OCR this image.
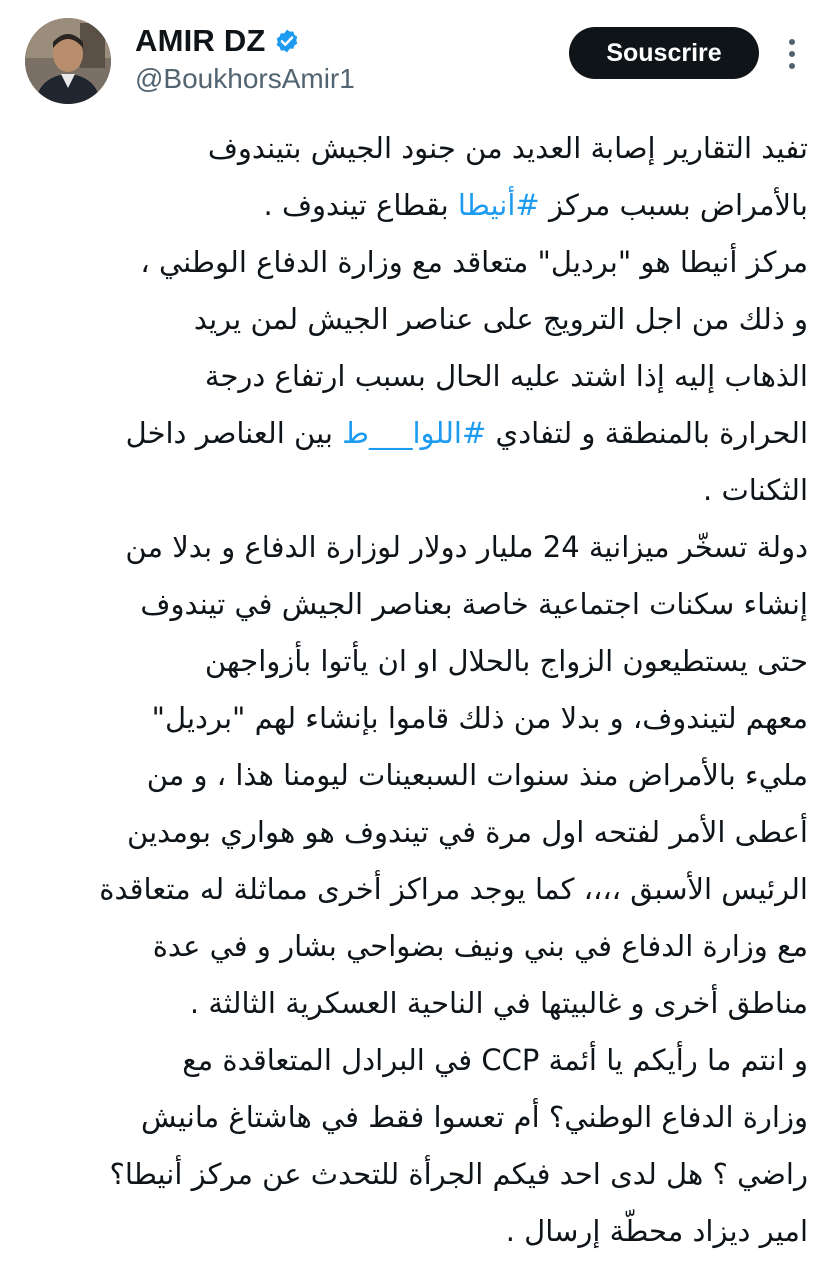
AMIR DZ
@BoukhorsAmir1
Souscrire
تفيد التقارير إصابة العديد من جنود الجيش بتيندوف
بالأمراض بسبب مركز #أنيطا بقطاع تيندوف .
مركز أنيطا هو "برديل" متعاقد مع وزارة الدفاع الوطني ،
و ذلك من اجل الترويج على عناصر الجيش لمن يريد
الذهاب إليه إذا اشتد عليه الحال بسبب ارتفاع درجة
الحرارة بالمنطقة و لتفادي #اللوا___ط بين العناصر داخل
الثكنات .
دولة تسخّر ميزانية 24 مليار دولار لوزارة الدفاع و بدلا من
إنشاء سكنات اجتماعية خاصة بعناصر الجيش في تيندوف
حتى يستطيعون الزواج بالحلال او ان يأتوا بأزواجهن
معهم لتيندوف، و بدلا من ذلك قاموا بإنشاء لهم "برديل"
مليء بالأمراض منذ سنوات السبعينات ليومنا هذا ، و من
أعطى الأمر لفتحه اول مرة في تيندوف هو هواري بومدين
الرئيس الأسبق ،،،، كما يوجد مراكز أخرى مماثلة له متعاقدة
مع وزارة الدفاع في بني ونيف بضواحي بشار و في عدة
مناطق أخرى و غالبيتها في الناحية العسكرية الثالثة .
و انتم ما رأيكم يا أئمة CCP في البرادل المتعاقدة مع
وزارة الدفاع الوطني؟ أم تعسوا فقط في هاشتاغ مانيش
راضي ؟ هل لدى احد فيكم الجرأة للتحدث عن مركز أنيطا؟
امير ديزاد محطّة إرسال .
